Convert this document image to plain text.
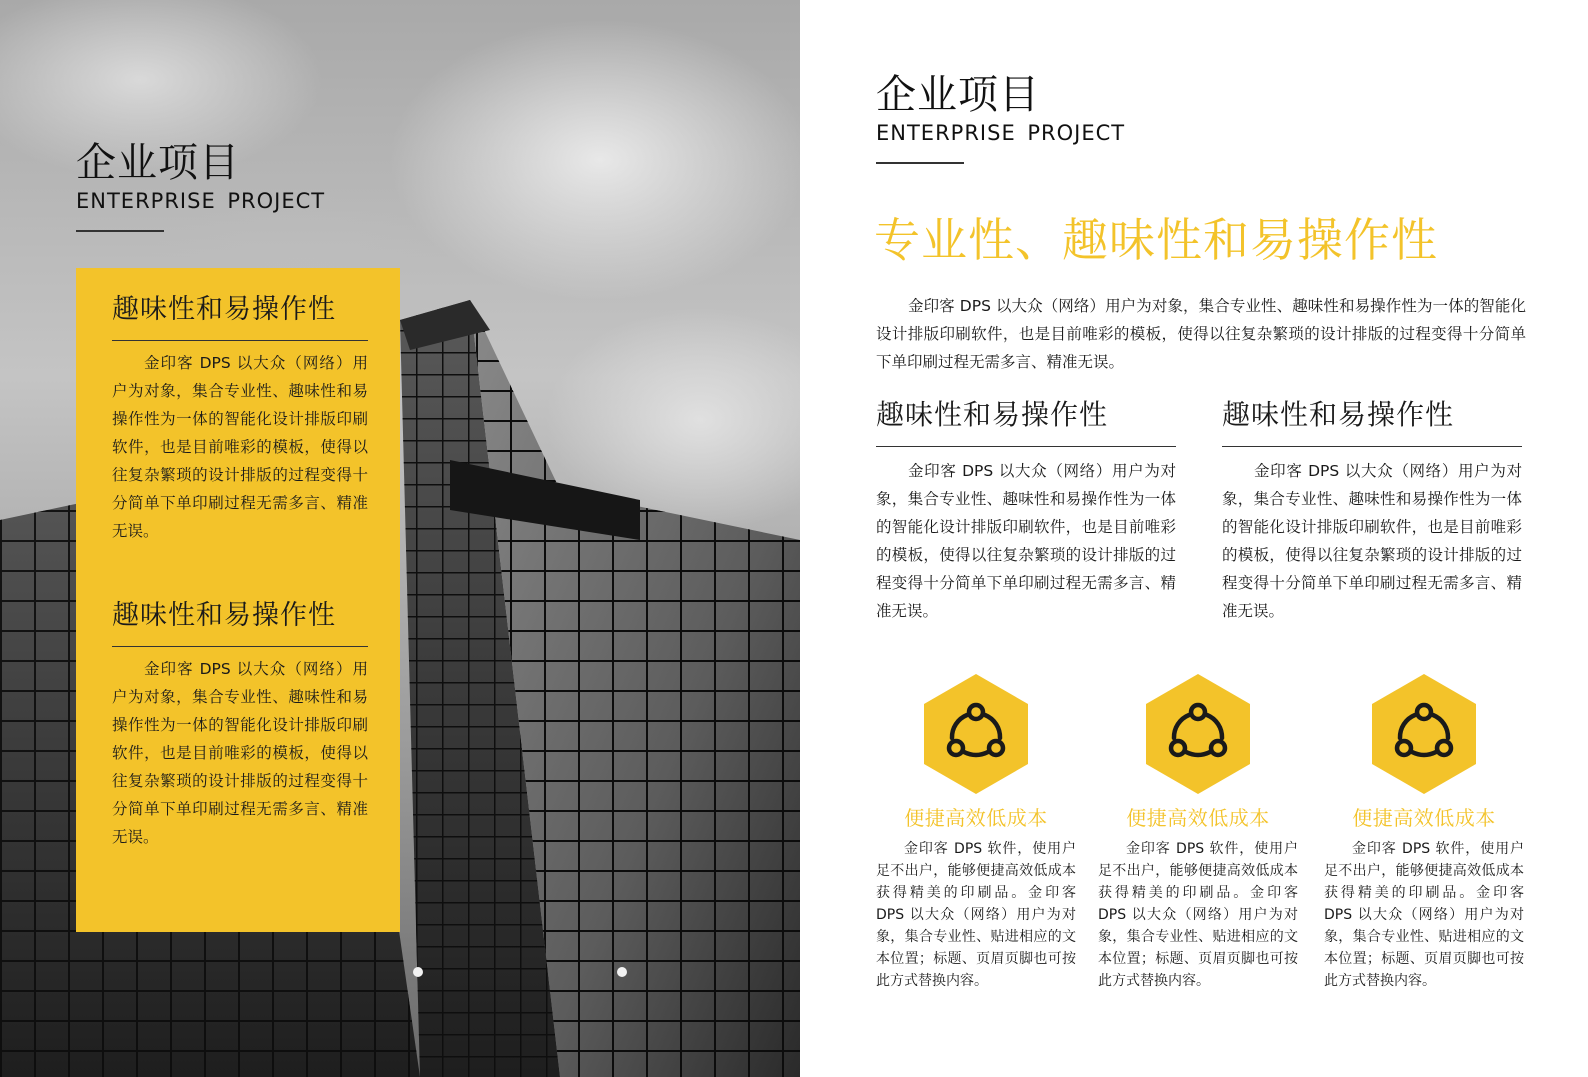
企业项目
ENTERPRISE PROJECT
趣味性和易操作性
金印客 DPS 以大众（网络）用户为对象，集合专业性、趣味性和易操作性为一体的智能化设计排版印刷软件，也是目前唯彩的模板，使得以往复杂繁琐的设计排版的过程变得十分简单下单印刷过程无需多言、精准无误。
趣味性和易操作性
金印客 DPS 以大众（网络）用户为对象，集合专业性、趣味性和易操作性为一体的智能化设计排版印刷软件，也是目前唯彩的模板，使得以往复杂繁琐的设计排版的过程变得十分简单下单印刷过程无需多言、精准无误。
企业项目
ENTERPRISE PROJECT
专业性、趣味性和易操作性
金印客 DPS 以大众（网络）用户为对象，集合专业性、趣味性和易操作性为一体的智能化设计排版印刷软件，也是目前唯彩的模板，使得以往复杂繁琐的设计排版的过程变得十分简单下单印刷过程无需多言、精准无误。
趣味性和易操作性
金印客 DPS 以大众（网络）用户为对象，集合专业性、趣味性和易操作性为一体的智能化设计排版印刷软件，也是目前唯彩的模板，使得以往复杂繁琐的设计排版的过程变得十分简单下单印刷过程无需多言、精准无误。
趣味性和易操作性
金印客 DPS 以大众（网络）用户为对象，集合专业性、趣味性和易操作性为一体的智能化设计排版印刷软件，也是目前唯彩的模板，使得以往复杂繁琐的设计排版的过程变得十分简单下单印刷过程无需多言、精准无误。
便捷高效低成本
金印客 DPS 软件，使用户足不出户，能够便捷高效低成本获得精美的印刷品。金印客 DPS 以大众（网络）用户为对象，集合专业性、贴进相应的文本位置；标题、页眉页脚也可按此方式替换内容。
便捷高效低成本
金印客 DPS 软件，使用户足不出户，能够便捷高效低成本获得精美的印刷品。金印客 DPS 以大众（网络）用户为对象，集合专业性、贴进相应的文本位置；标题、页眉页脚也可按此方式替换内容。
便捷高效低成本
金印客 DPS 软件，使用户足不出户，能够便捷高效低成本获得精美的印刷品。金印客 DPS 以大众（网络）用户为对象，集合专业性、贴进相应的文本位置；标题、页眉页脚也可按此方式替换内容。
